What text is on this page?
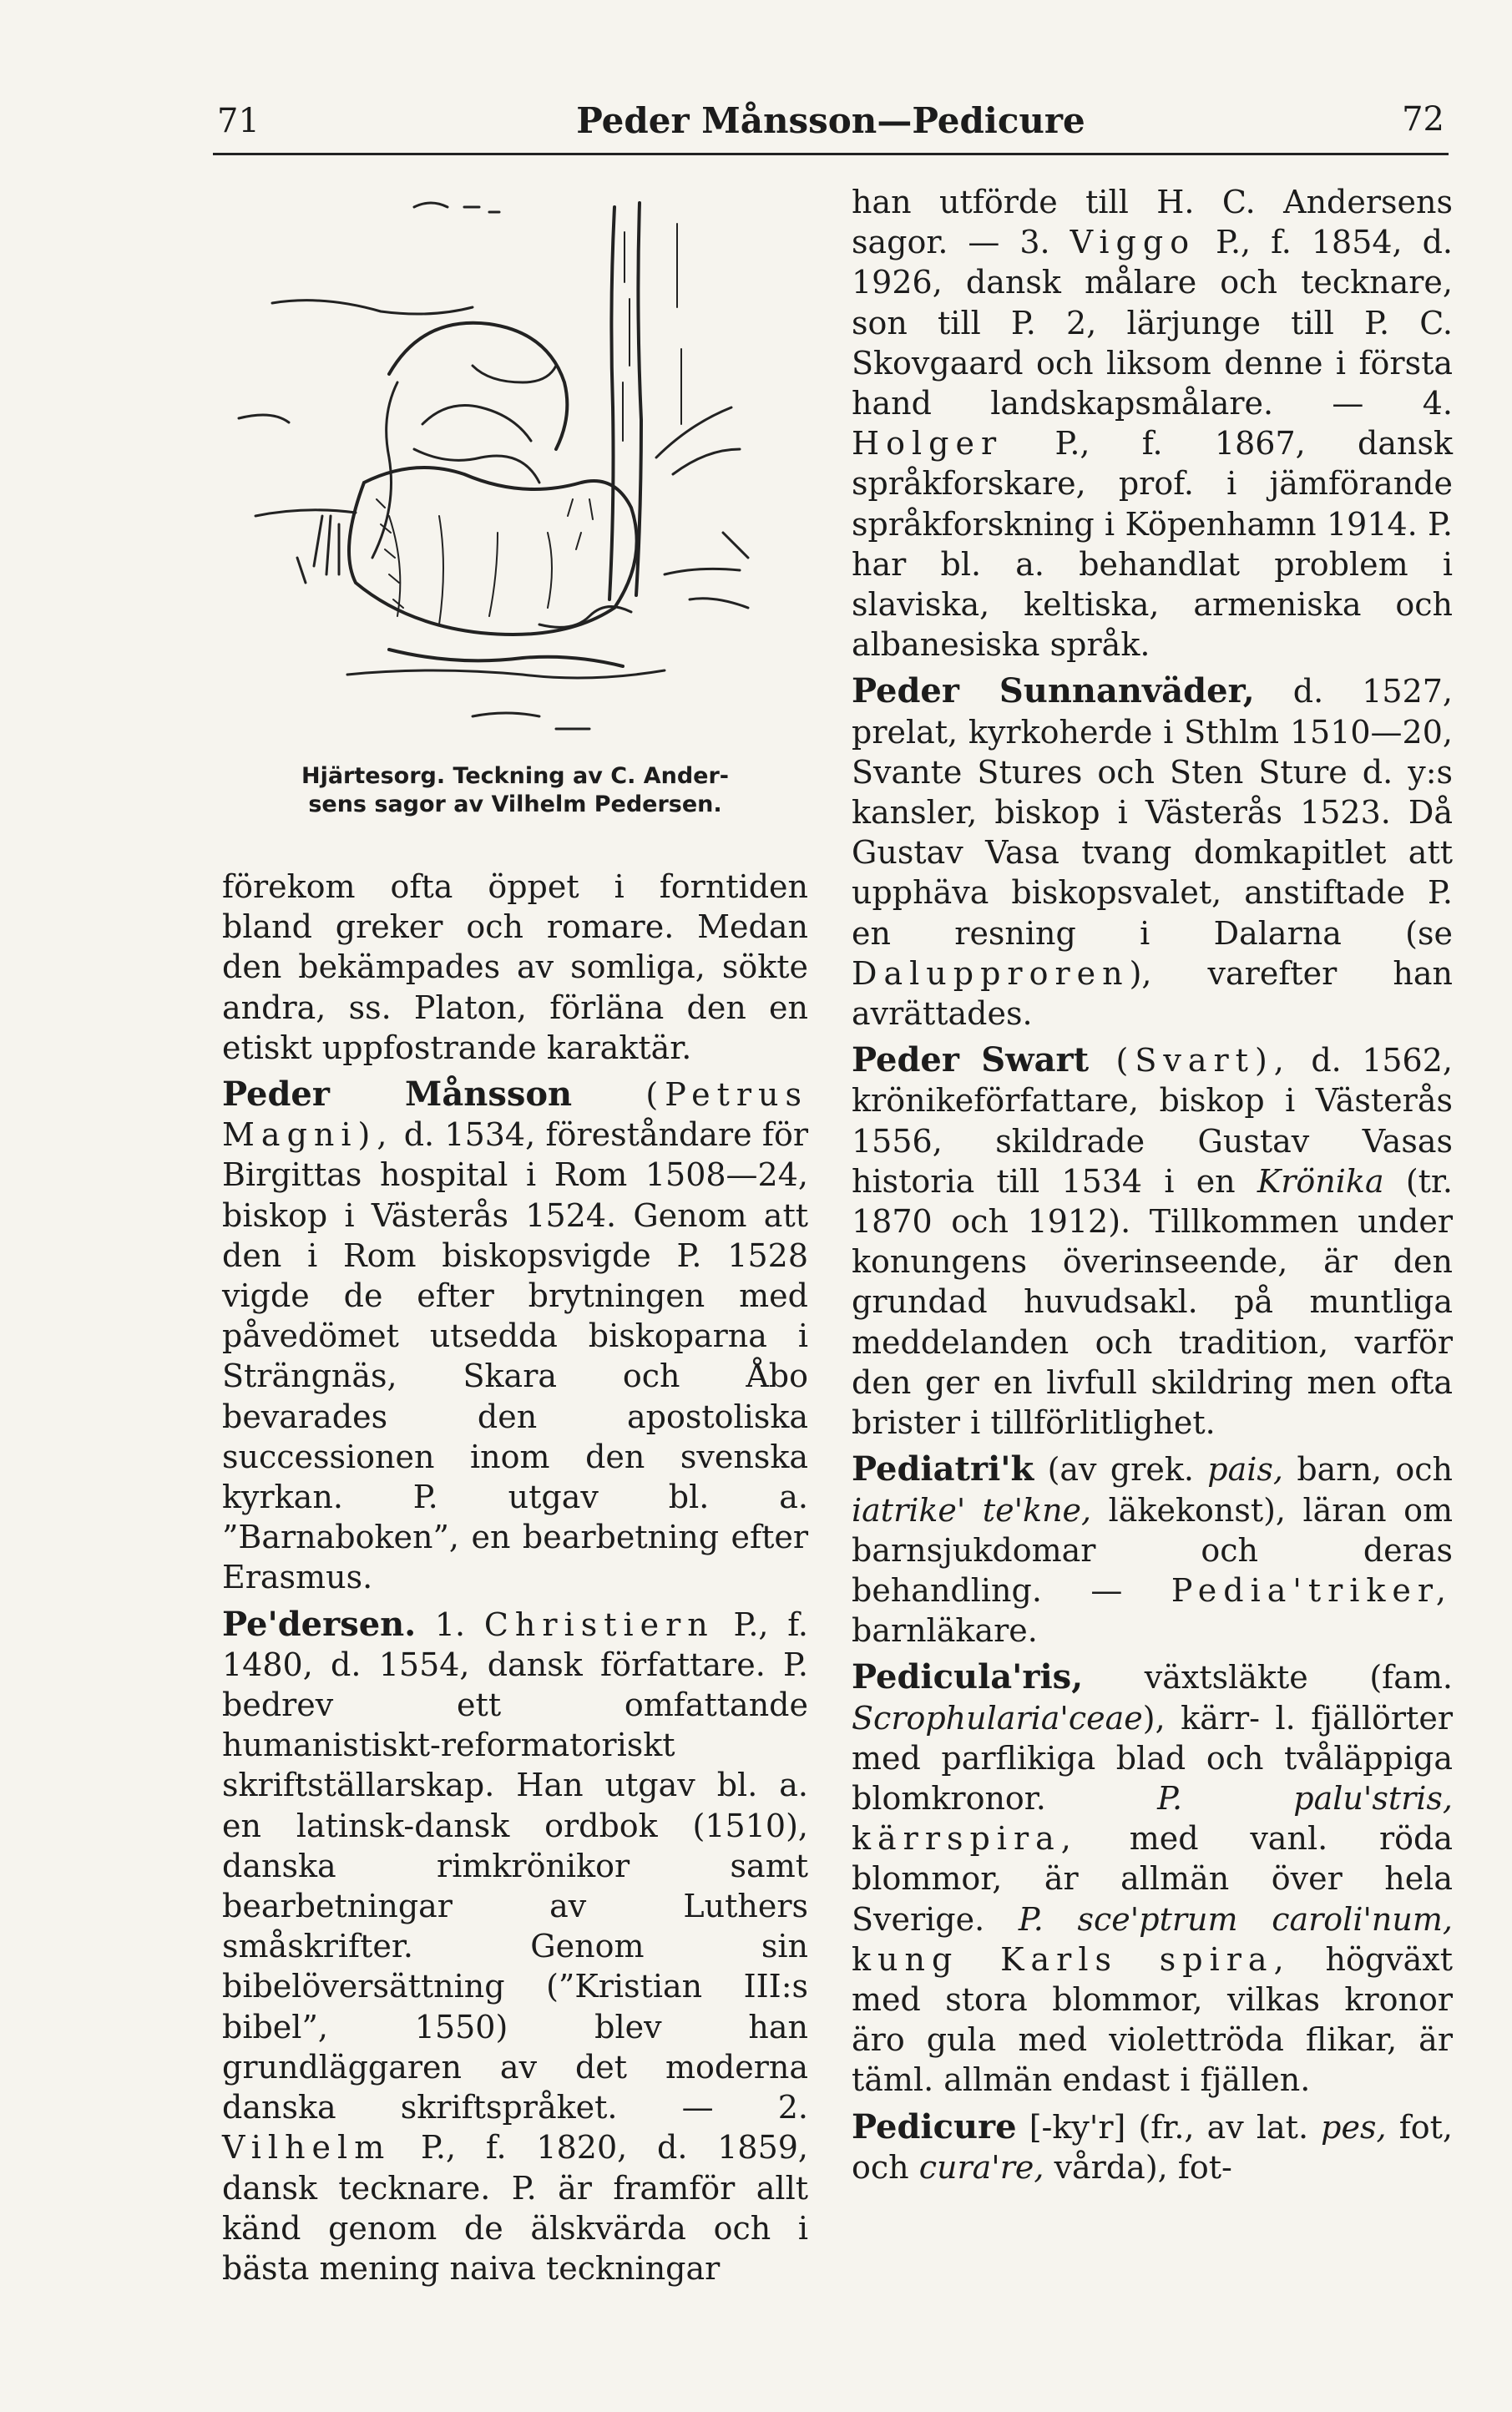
71	Peder Månsson—Pedicure	72
Hjärtesorg. Teckning av C. Ander-
sens sagor av Vilhelm Pedersen.

förekom ofta öppet i forntiden bland greker och romare. Medan den bekämpades av somliga, sökte andra, ss. Platon, förläna den en etiskt uppfostrande karaktär.

Peder Månsson (Petrus Magni), d. 1534, föreståndare för Birgittas hospital i Rom 1508—24, biskop i Västerås 1524. Genom att den i Rom biskopsvigde P. 1528 vigde de efter brytningen med påvedömet utsedda biskoparna i Strängnäs, Skara och Åbo bevarades den apostoliska successionen inom den svenska kyrkan. P. utgav bl. a. ”Barnaboken”, en bearbetning efter Erasmus.

Pe'dersen. 1. Christiern P., f. 1480, d. 1554, dansk författare. P. bedrev ett omfattande humanistiskt-reformatoriskt skriftställarskap. Han utgav bl. a. en latinsk-dansk ordbok (1510), danska rimkrönikor samt bearbetningar av Luthers småskrifter. Genom sin bibelöversättning (”Kristian III:s bibel”, 1550) blev han grundläggaren av det moderna danska skriftspråket. — 2. Vilhelm P., f. 1820, d. 1859, dansk tecknare. P. är framför allt känd genom de älskvärda och i bästa mening naiva teckningar

han utförde till H. C. Andersens sagor. — 3. Viggo P., f. 1854, d. 1926, dansk målare och tecknare, son till P. 2, lärjunge till P. C. Skovgaard och liksom denne i första hand landskapsmålare. — 4. Holger P., f. 1867, dansk språkforskare, prof. i jämförande språkforskning i Köpenhamn 1914. P. har bl. a. behandlat problem i slaviska, keltiska, armeniska och albanesiska språk.

Peder Sunnanväder, d. 1527, prelat, kyrkoherde i Sthlm 1510—20, Svante Stures och Sten Sture d. y:s kansler, biskop i Västerås 1523. Då Gustav Vasa tvang domkapitlet att upphäva biskopsvalet, anstiftade P. en resning i Dalarna (se Dalupproren), varefter han avrättades.

Peder Swart (Svart), d. 1562, krönikeförfattare, biskop i Västerås 1556, skildrade Gustav Vasas historia till 1534 i en Krönika (tr. 1870 och 1912). Tillkommen under konungens överinseende, är den grundad huvudsakl. på muntliga meddelanden och tradition, varför den ger en livfull skildring men ofta brister i tillförlitlighet.

Pediatri'k (av grek. pais, barn, och iatrike' te'kne, läkekonst), läran om barnsjukdomar och deras behandling. — Pedia'triker, barnläkare.

Pedicula'ris, växtsläkte (fam. Scrophularia'ceae), kärr- l. fjällörter med parflikiga blad och tvåläppiga blomkronor. P. palu'stris, kärrspira, med vanl. röda blommor, är allmän över hela Sverige. P. sce'ptrum caroli'num, kung Karls spira, högväxt med stora blommor, vilkas kronor äro gula med violettröda flikar, är täml. allmän endast i fjällen.

Pedicure [-ky'r] (fr., av lat. pes, fot, och cura're, vårda), fot-
